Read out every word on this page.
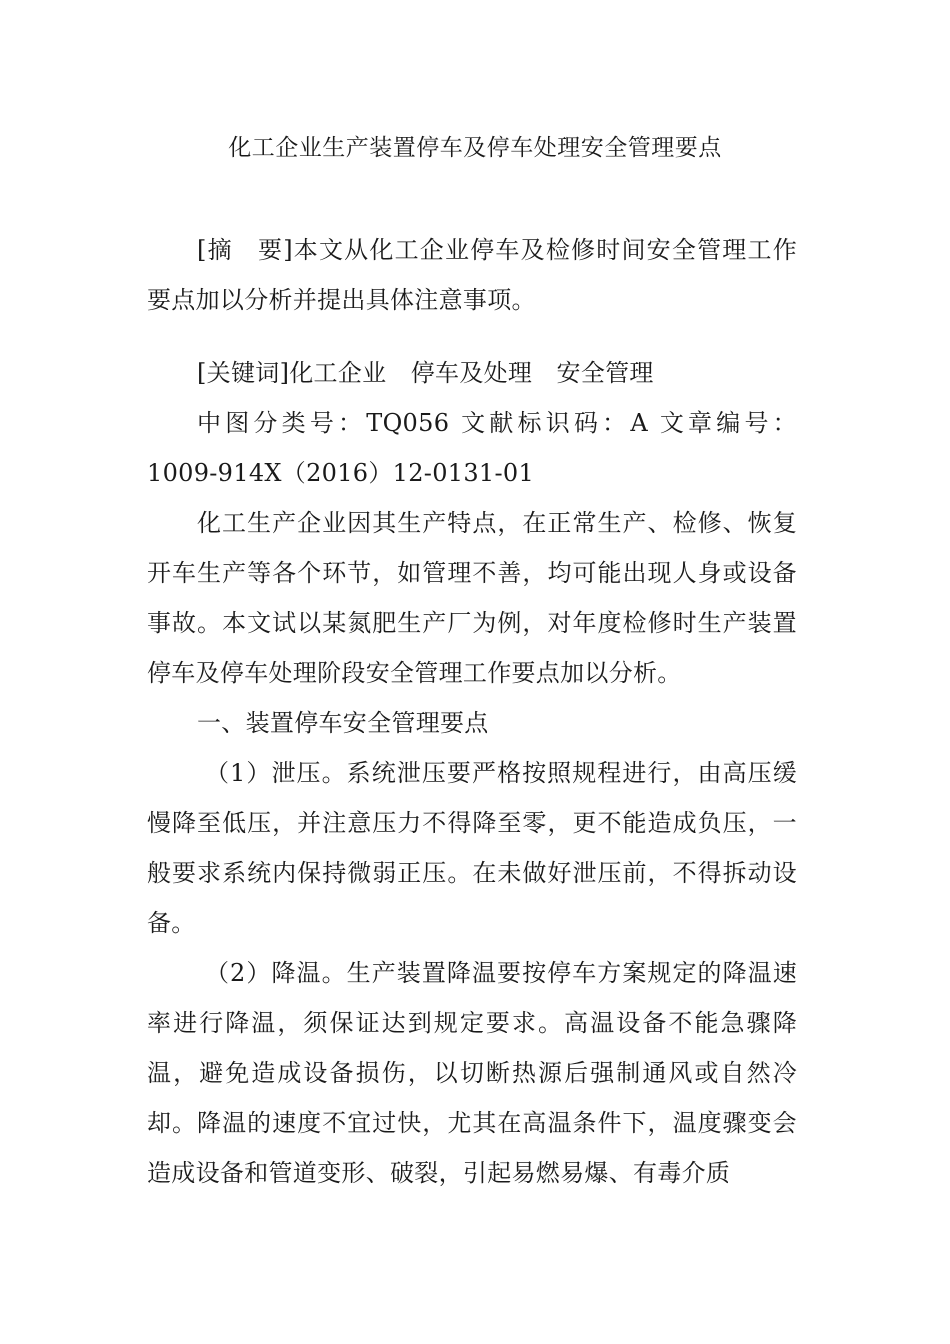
化工企业生产装置停车及停车处理安全管理要点

[摘　要]本文从化工企业停车及检修时间安全管理工作要点加以分析并提出具体注意事项。

[关键词]化工企业　停车及处理　安全管理

中图分类号：TQ056 文献标识码：A 文章编号：1009-914X（2016）12-0131-01

化工生产企业因其生产特点，在正常生产、检修、恢复开车生产等各个环节，如管理不善，均可能出现人身或设备事故。本文试以某氮肥生产厂为例，对年度检修时生产装置停车及停车处理阶段安全管理工作要点加以分析。

一、装置停车安全管理要点

（1）泄压。系统泄压要严格按照规程进行，由高压缓慢降至低压，并注意压力不得降至零，更不能造成负压，一般要求系统内保持微弱正压。在未做好泄压前，不得拆动设备。

（2）降温。生产装置降温要按停车方案规定的降温速率进行降温，须保证达到规定要求。高温设备不能急骤降温，避免造成设备损伤，以切断热源后强制通风或自然冷却。降温的速度不宜过快，尤其在高温条件下，温度骤变会造成设备和管道变形、破裂，引起易燃易爆、有毒介质
